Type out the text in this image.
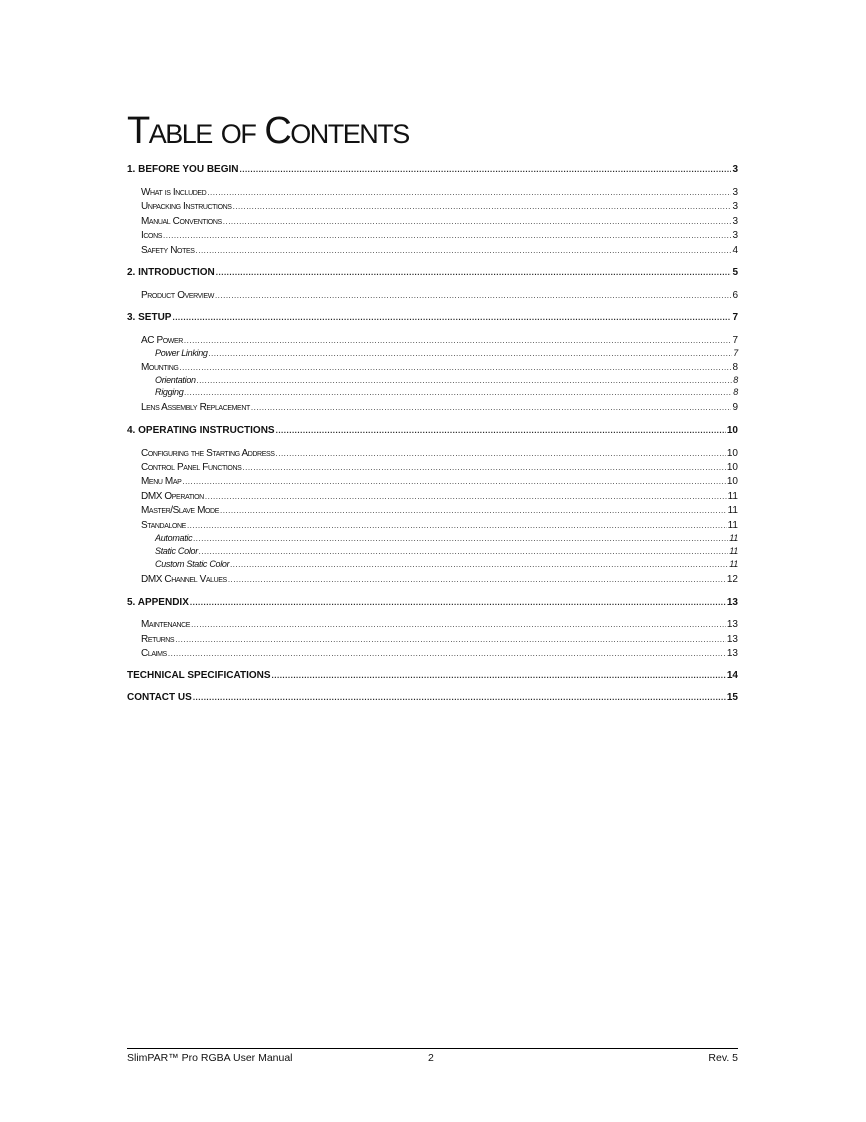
Table of Contents
1. BEFORE YOU BEGIN .....	3
What is Included .....	3
Unpacking Instructions .....	3
Manual Conventions .....	3
Icons .....	3
Safety Notes .....	4
2. INTRODUCTION .....	5
Product Overview .....	6
3. SETUP .....	7
AC Power .....	7
Power Linking .....	7
Mounting .....	8
Orientation .....	8
Rigging .....	8
Lens Assembly Replacement .....	9
4. OPERATING INSTRUCTIONS .....	10
Configuring the Starting Address .....	10
Control Panel Functions .....	10
Menu Map .....	10
DMX Operation .....	11
Master/Slave Mode .....	11
Standalone .....	11
Automatic .....	11
Static Color .....	11
Custom Static Color .....	11
DMX Channel Values .....	12
5. APPENDIX .....	13
Maintenance .....	13
Returns .....	13
Claims .....	13
TECHNICAL SPECIFICATIONS .....	14
CONTACT US .....	15
SlimPAR™ Pro RGBA User Manual	2	Rev. 5
